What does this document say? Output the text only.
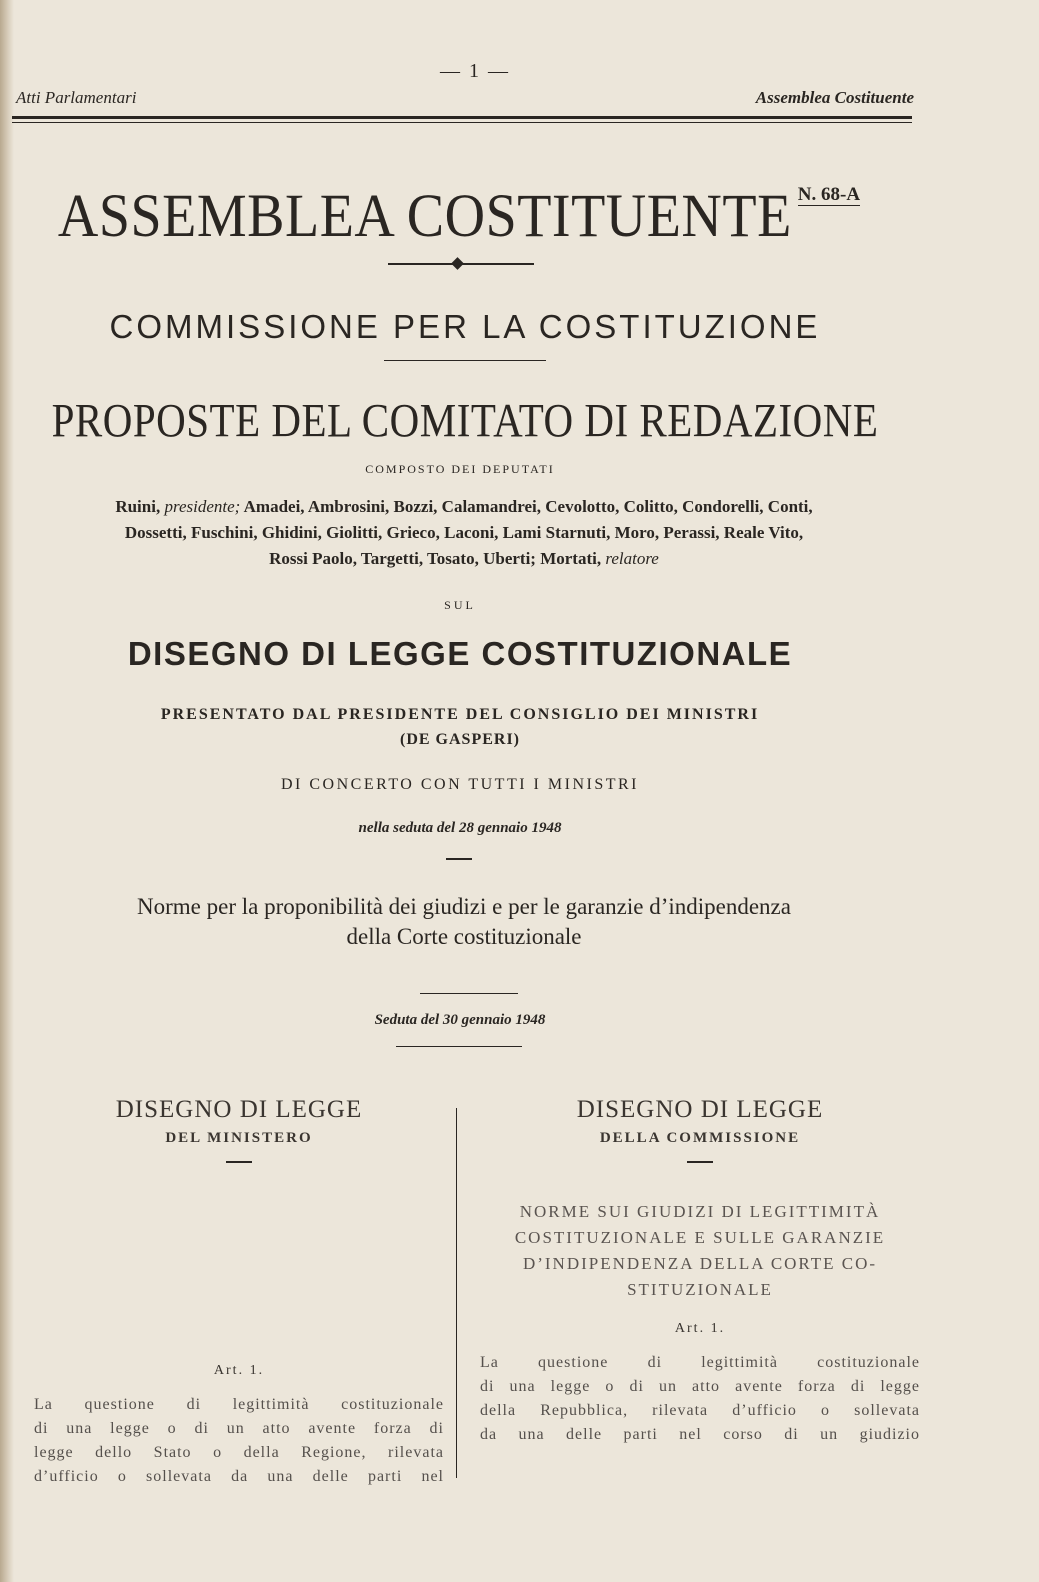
— 1 —
Atti Parlamentari	Assemblea Costituente
ASSEMBLEA COSTITUENTE N. 68-A
COMMISSIONE PER LA COSTITUZIONE
PROPOSTE DEL COMITATO DI REDAZIONE
COMPOSTO DEI DEPUTATI
Ruini, presidente; Amadei, Ambrosini, Bozzi, Calamandrei, Cevolotto, Colitto, Condorelli, Conti,
Dossetti, Fuschini, Ghidini, Giolitti, Grieco, Laconi, Lami Starnuti, Moro, Perassi, Reale Vito,
Rossi Paolo, Targetti, Tosato, Uberti; Mortati, relatore
SUL
DISEGNO DI LEGGE COSTITUZIONALE
PRESENTATO DAL PRESIDENTE DEL CONSIGLIO DEI MINISTRI
(DE GASPERI)
DI CONCERTO CON TUTTI I MINISTRI
nella seduta del 28 gennaio 1948
Norme per la proponibilità dei giudizi e per le garanzie d’indipendenza
della Corte costituzionale
Seduta del 30 gennaio 1948
DISEGNO DI LEGGE
DEL MINISTERO
Art. 1.
La questione di legittimità costituzionale
di una legge o di un atto avente forza di
legge dello Stato o della Regione, rilevata
d’ufficio o sollevata da una delle parti nel
DISEGNO DI LEGGE
DELLA COMMISSIONE
NORME SUI GIUDIZI DI LEGITTIMITÀ
COSTITUZIONALE E SULLE GARANZIE
D’INDIPENDENZA DELLA CORTE CO-
STITUZIONALE
Art. 1.
La questione di legittimità costituzionale
di una legge o di un atto avente forza di legge
della Repubblica, rilevata d’ufficio o sollevata
da una delle parti nel corso di un giudizio
